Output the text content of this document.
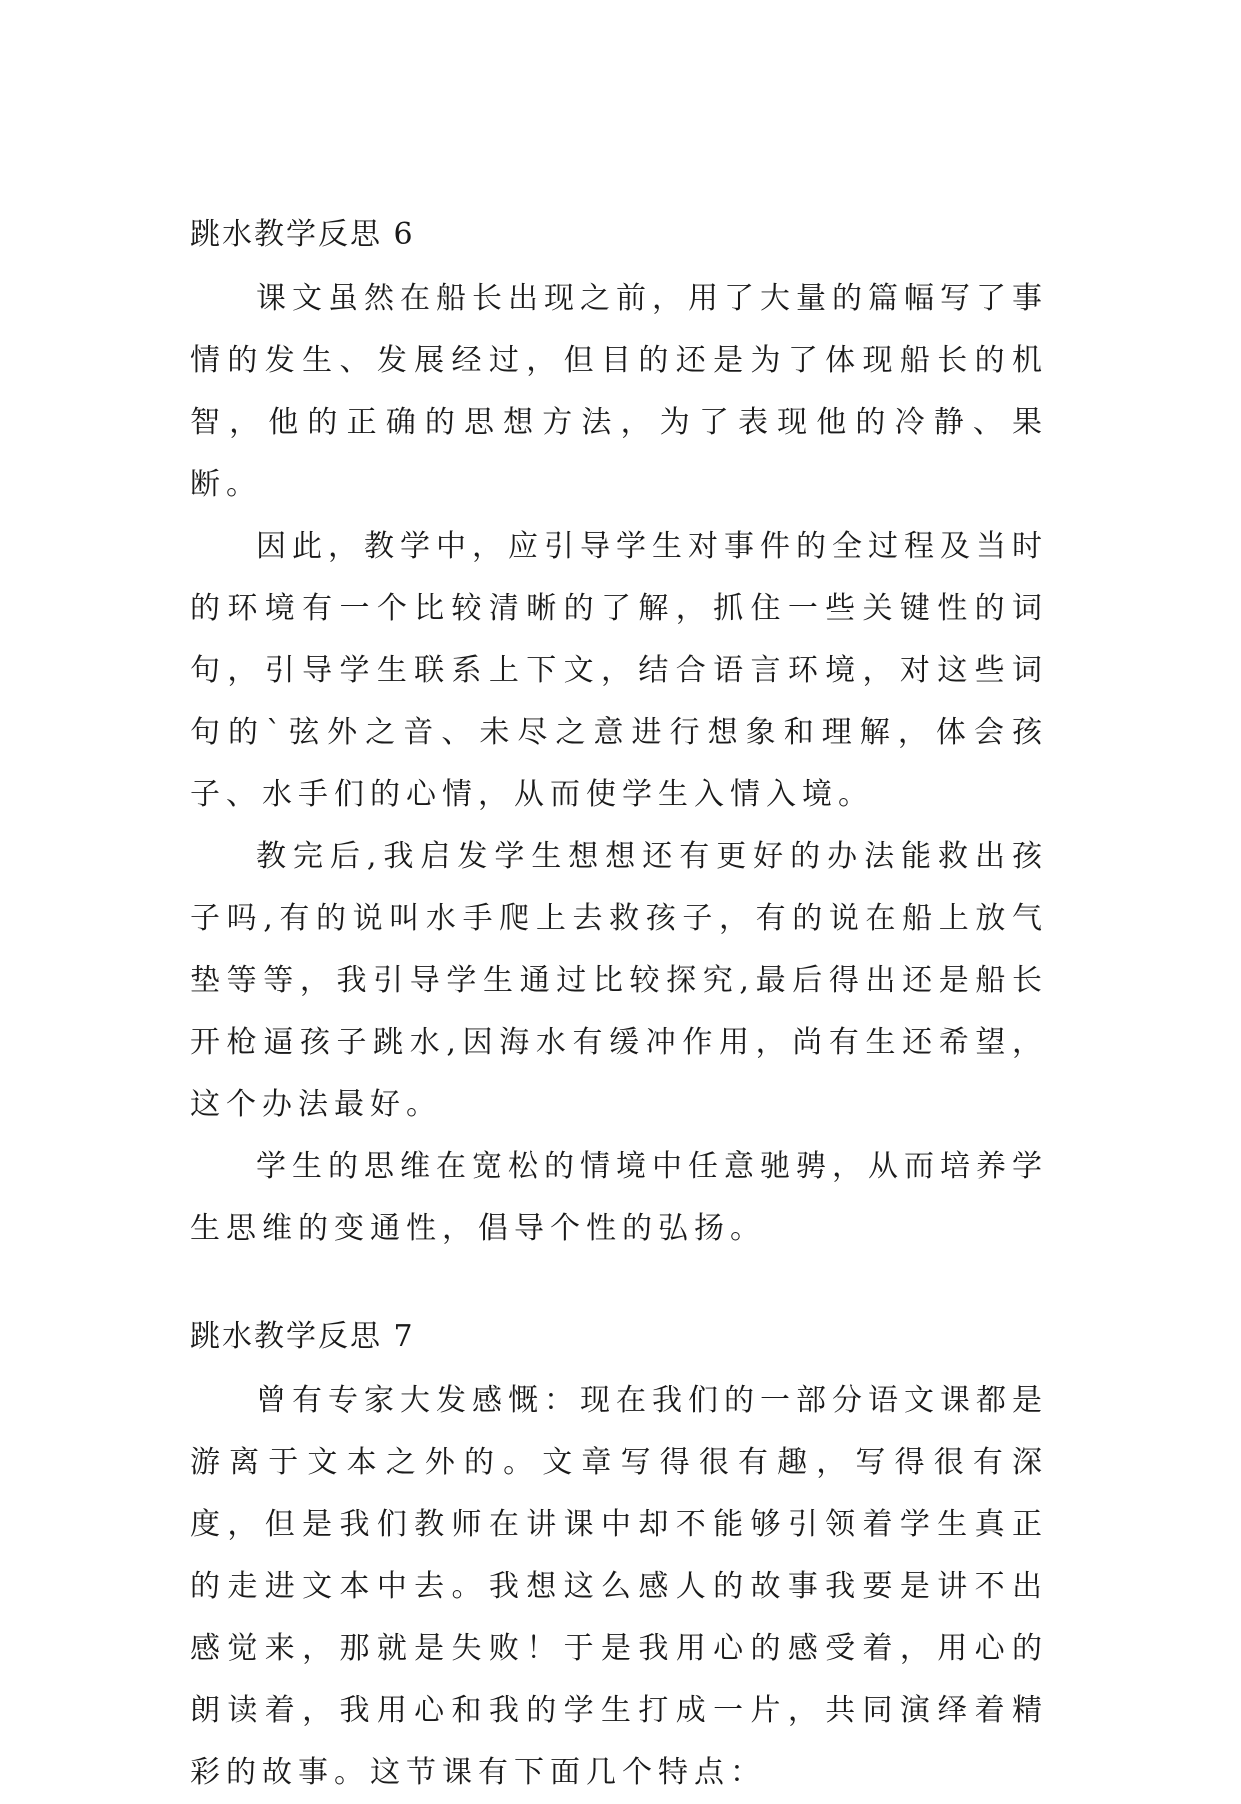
跳水教学反思 6

课文虽然在船长出现之前，用了大量的篇幅写了事情的发生、发展经过，但目的还是为了体现船长的机智，他的正确的思想方法，为了表现他的冷静、果断。

因此，教学中，应引导学生对事件的全过程及当时的环境有一个比较清晰的了解，抓住一些关键性的词句，引导学生联系上下文，结合语言环境，对这些词句的`弦外之音、未尽之意进行想象和理解，体会孩子、水手们的心情，从而使学生入情入境。

教完后,我启发学生想想还有更好的办法能救出孩子吗,有的说叫水手爬上去救孩子，有的说在船上放气垫等等，我引导学生通过比较探究,最后得出还是船长开枪逼孩子跳水,因海水有缓冲作用，尚有生还希望，这个办法最好。

学生的思维在宽松的情境中任意驰骋，从而培养学生思维的变通性，倡导个性的弘扬。

跳水教学反思 7

曾有专家大发感慨：现在我们的一部分语文课都是游离于文本之外的。文章写得很有趣，写得很有深度，但是我们教师在讲课中却不能够引领着学生真正的走进文本中去。我想这么感人的故事我要是讲不出感觉来，那就是失败！于是我用心的感受着，用心的朗读着，我用心和我的学生打成一片，共同演绎着精彩的故事。这节课有下面几个特点：
